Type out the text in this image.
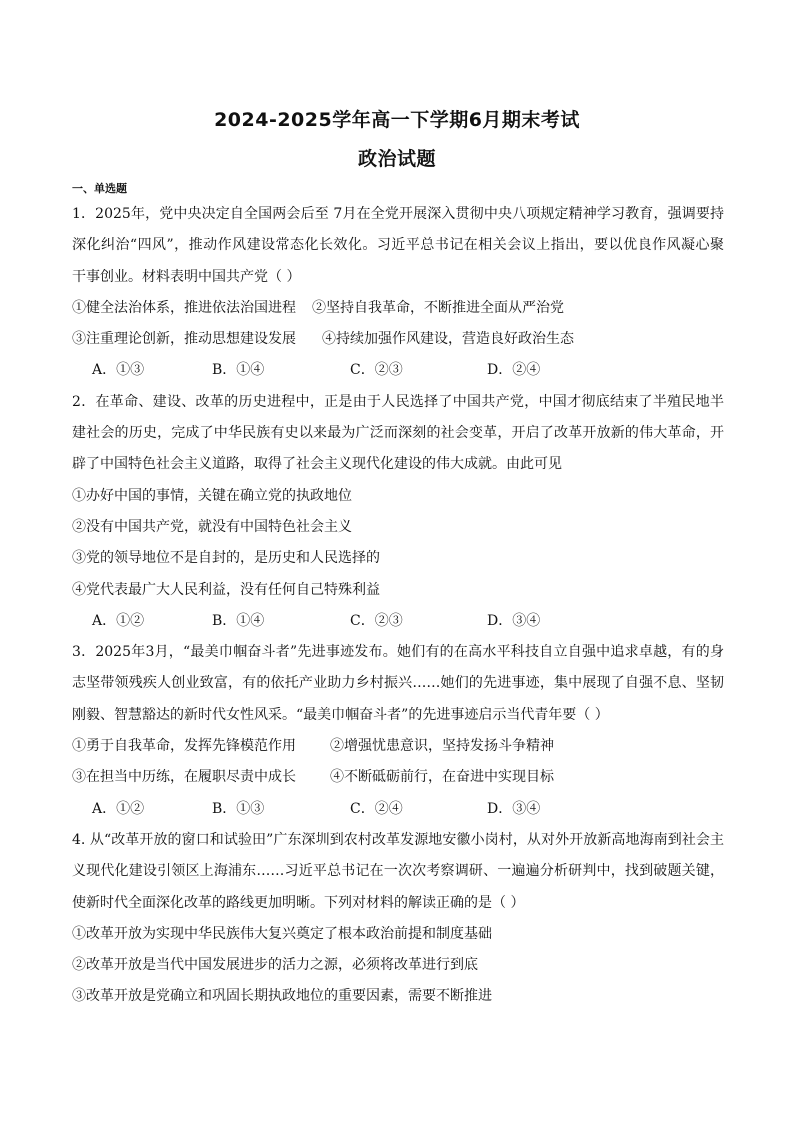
2024-2025学年高一下学期6月期末考试
政治试题
一、单选题
1．2025年，党中央决定自全国两会后至 7月在全党开展深入贯彻中央八项规定精神学习教育，强调要持
深化纠治“四风”，推动作风建设常态化长效化。习近平总书记在相关会议上指出，要以优良作风凝心聚
干事创业。材料表明中国共产党（ ）
①健全法治体系，推进依法治国进程 ②坚持自我革命，不断推进全面从严治党
③注重理论创新，推动思想建设发展 ④持续加强作风建设，营造良好政治生态
A．①③	B．①④	C．②③	D．②④
2．在革命、建设、改革的历史进程中，正是由于人民选择了中国共产党，中国才彻底结束了半殖民地半
建社会的历史，完成了中华民族有史以来最为广泛而深刻的社会变革，开启了改革开放新的伟大革命，开
辟了中国特色社会主义道路，取得了社会主义现代化建设的伟大成就。由此可见
①办好中国的事情，关键在确立党的执政地位
②没有中国共产党，就没有中国特色社会主义
③党的领导地位不是自封的，是历史和人民选择的
④党代表最广大人民利益，没有任何自己特殊利益
A．①②	B．①④	C．②③	D．③④
3．2025年3月，“最美巾帼奋斗者”先进事迹发布。她们有的在高水平科技自立自强中追求卓越，有的身
志坚带领残疾人创业致富，有的依托产业助力乡村振兴……她们的先进事迹，集中展现了自强不息、坚韧
刚毅、智慧豁达的新时代女性风采。“最美巾帼奋斗者”的先进事迹启示当代青年要（ ）
①勇于自我革命，发挥先锋模范作用 ②增强忧患意识，坚持发扬斗争精神
③在担当中历练，在履职尽责中成长 ④不断砥砺前行，在奋进中实现目标
A．①②	B．①③	C．②④	D．③④
4. 从“改革开放的窗口和试验田”广东深圳到农村改革发源地安徽小岗村，从对外开放新高地海南到社会主
义现代化建设引领区上海浦东……习近平总书记在一次次考察调研、一遍遍分析研判中，找到破题关键，
使新时代全面深化改革的路线更加明晰。下列对材料的解读正确的是（ ）
①改革开放为实现中华民族伟大复兴奠定了根本政治前提和制度基础
②改革开放是当代中国发展进步的活力之源，必须将改革进行到底
③改革开放是党确立和巩固长期执政地位的重要因素，需要不断推进
